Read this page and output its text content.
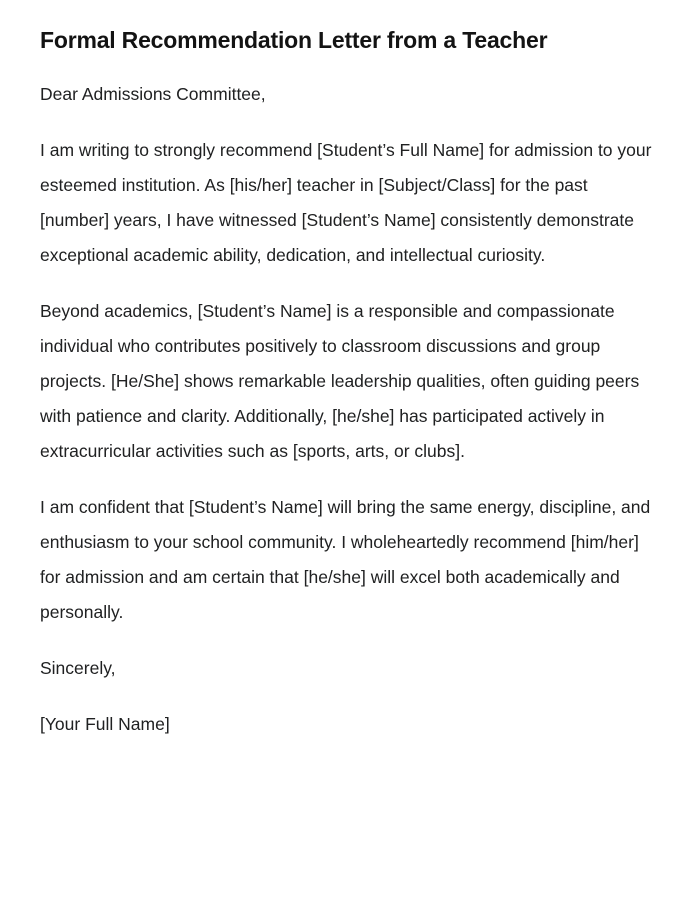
Formal Recommendation Letter from a Teacher

Dear Admissions Committee,

I am writing to strongly recommend [Student’s Full Name] for admission to your esteemed institution. As [his/her] teacher in [Subject/Class] for the past [number] years, I have witnessed [Student’s Name] consistently demonstrate exceptional academic ability, dedication, and intellectual curiosity.

Beyond academics, [Student’s Name] is a responsible and compassionate individual who contributes positively to classroom discussions and group projects. [He/She] shows remarkable leadership qualities, often guiding peers with patience and clarity. Additionally, [he/she] has participated actively in extracurricular activities such as [sports, arts, or clubs].

I am confident that [Student’s Name] will bring the same energy, discipline, and enthusiasm to your school community. I wholeheartedly recommend [him/her] for admission and am certain that [he/she] will excel both academically and personally.

Sincerely,

[Your Full Name]
